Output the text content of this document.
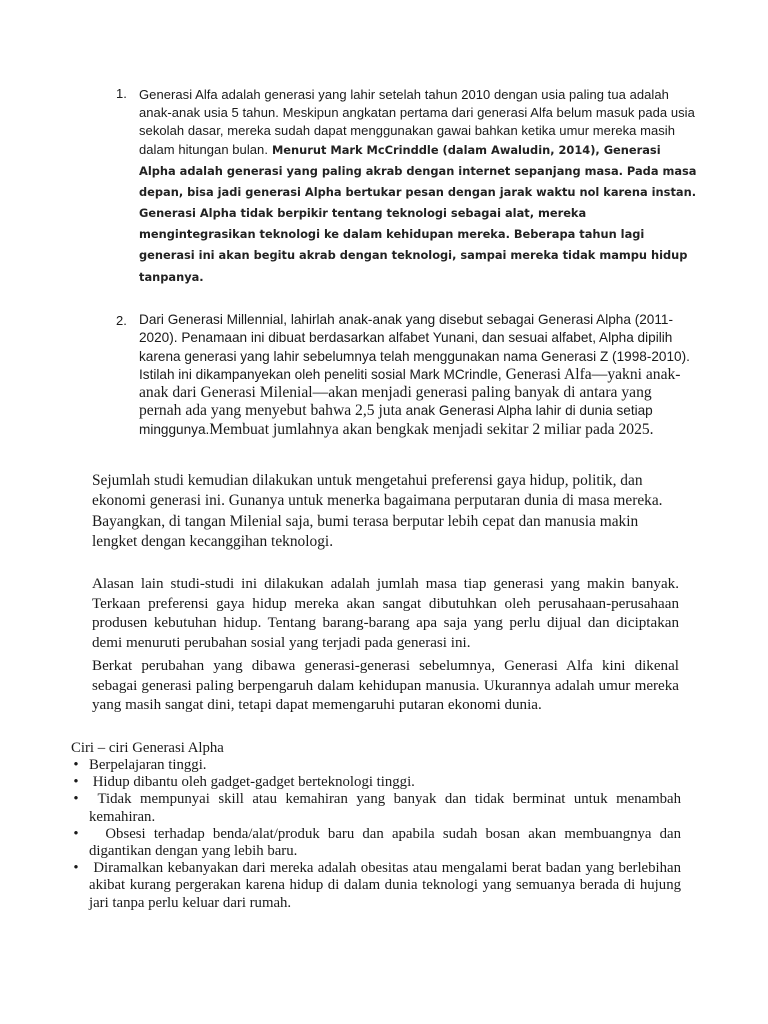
1. Generasi Alfa adalah generasi yang lahir setelah tahun 2010 dengan usia paling tua adalah anak-anak usia 5 tahun. Meskipun angkatan pertama dari generasi Alfa belum masuk pada usia sekolah dasar, mereka sudah dapat menggunakan gawai bahkan ketika umur mereka masih dalam hitungan bulan. Menurut Mark McCrinddle (dalam Awaludin, 2014), Generasi Alpha adalah generasi yang paling akrab dengan internet sepanjang masa. Pada masa depan, bisa jadi generasi Alpha bertukar pesan dengan jarak waktu nol karena instan. Generasi Alpha tidak berpikir tentang teknologi sebagai alat, mereka mengintegrasikan teknologi ke dalam kehidupan mereka. Beberapa tahun lagi generasi ini akan begitu akrab dengan teknologi, sampai mereka tidak mampu hidup tanpanya.
2. Dari Generasi Millennial, lahirlah anak-anak yang disebut sebagai Generasi Alpha (2011-2020). Penamaan ini dibuat berdasarkan alfabet Yunani, dan sesuai alfabet, Alpha dipilih karena generasi yang lahir sebelumnya telah menggunakan nama Generasi Z (1998-2010). Istilah ini dikampanyekan oleh peneliti sosial Mark MCrindle, Generasi Alfa—yakni anak-anak dari Generasi Milenial—akan menjadi generasi paling banyak di antara yang pernah ada yang menyebut bahwa 2,5 juta anak Generasi Alpha lahir di dunia setiap minggunya.Membuat jumlahnya akan bengkak menjadi sekitar 2 miliar pada 2025.

Sejumlah studi kemudian dilakukan untuk mengetahui preferensi gaya hidup, politik, dan ekonomi generasi ini. Gunanya untuk menerka bagaimana perputaran dunia di masa mereka. Bayangkan, di tangan Milenial saja, bumi terasa berputar lebih cepat dan manusia makin lengket dengan kecanggihan teknologi.

Alasan lain studi-studi ini dilakukan adalah jumlah masa tiap generasi yang makin banyak. Terkaan preferensi gaya hidup mereka akan sangat dibutuhkan oleh perusahaan-perusahaan produsen kebutuhan hidup. Tentang barang-barang apa saja yang perlu dijual dan diciptakan demi menuruti perubahan sosial yang terjadi pada generasi ini.

Berkat perubahan yang dibawa generasi-generasi sebelumnya, Generasi Alfa kini dikenal sebagai generasi paling berpengaruh dalam kehidupan manusia. Ukurannya adalah umur mereka yang masih sangat dini, tetapi dapat memengaruhi putaran ekonomi dunia.

Ciri – ciri Generasi Alpha

• Berpelajaran tinggi.
• Hidup dibantu oleh gadget-gadget berteknologi tinggi.
• Tidak mempunyai skill atau kemahiran yang banyak dan tidak berminat untuk menambah kemahiran.
• Obsesi terhadap benda/alat/produk baru dan apabila sudah bosan akan membuangnya dan digantikan dengan yang lebih baru.
• Diramalkan kebanyakan dari mereka adalah obesitas atau mengalami berat badan yang berlebihan akibat kurang pergerakan karena hidup di dalam dunia teknologi yang semuanya berada di hujung jari tanpa perlu keluar dari rumah.
